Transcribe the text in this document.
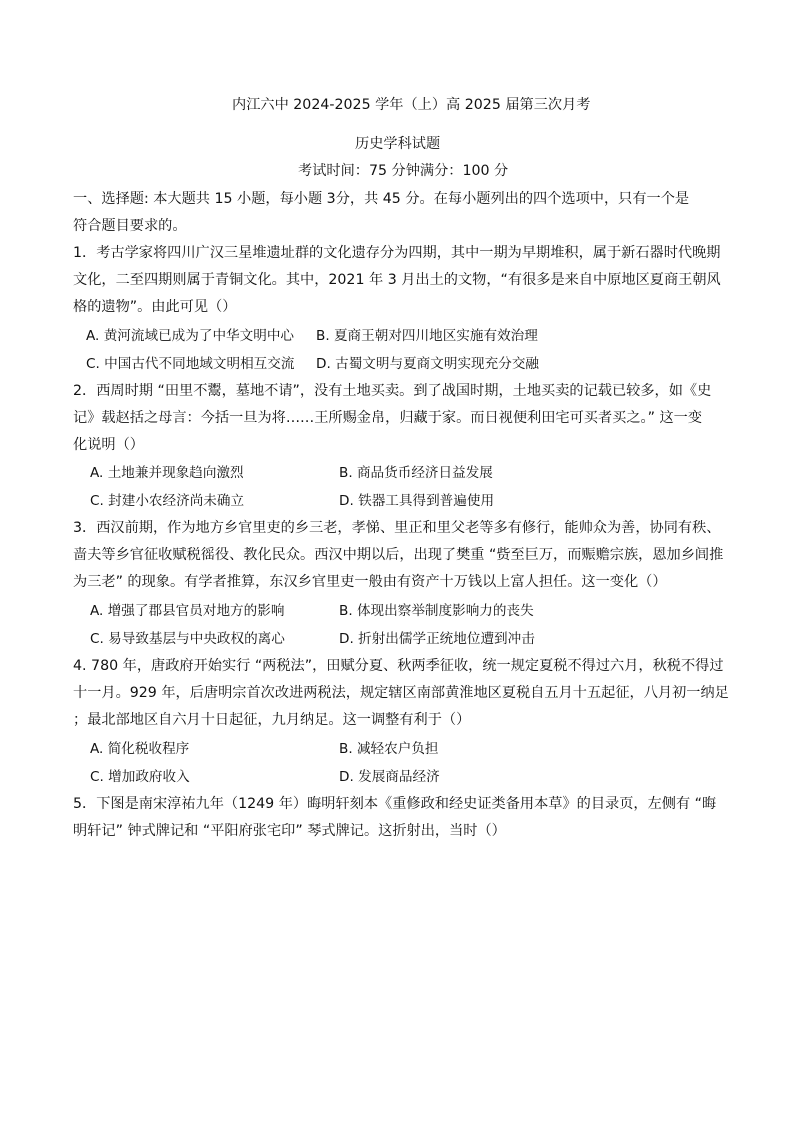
内江六中 2024-2025 学年（上）高 2025 届第三次月考
历史学科试题
考试时间：75 分钟满分：100 分
一、选择题: 本大题共 15 小题，每小题 3分，共 45 分。在每小题列出的四个选项中，只有一个是
符合题目要求的。
1．考古学家将四川广汉三星堆遗址群的文化遗存分为四期，其中一期为早期堆积，属于新石器时代晚期
文化，二至四期则属于青铜文化。其中，2021 年 3 月出土的文物，“有很多是来自中原地区夏商王朝风
格的遗物”。由此可见（）
A. 黄河流域已成为了中华文明中心 B. 夏商王朝对四川地区实施有效治理
C. 中国古代不同地域文明相互交流 D. 古蜀文明与夏商文明实现充分交融
2．西周时期 “田里不鬻，墓地不请”，没有土地买卖。到了战国时期，土地买卖的记载已较多，如《史
记》载赵括之母言：今括一旦为将……王所赐金帛，归藏于家。而日视便利田宅可买者买之。” 这一变
化说明（）
A. 土地兼并现象趋向激烈	B. 商品货币经济日益发展
C. 封建小农经济尚未确立	D. 铁器工具得到普遍使用
3．西汉前期，作为地方乡官里吏的乡三老，孝悌、里正和里父老等多有修行，能帅众为善，协同有秩、
啬夫等乡官征收赋税徭役、教化民众。西汉中期以后，出现了樊重 “赀至巨万，而赈赡宗族，恩加乡闾推
为三老” 的现象。有学者推算，东汉乡官里吏一般由有资产十万钱以上富人担任。这一变化（）
A. 增强了郡县官员对地方的影响	B. 体现出察举制度影响力的丧失
C. 易导致基层与中央政权的离心	D. 折射出儒学正统地位遭到冲击
4. 780 年，唐政府开始实行 “两税法”，田赋分夏、秋两季征收，统一规定夏税不得过六月，秋税不得过
十一月。929 年，后唐明宗首次改进两税法，规定辖区南部黄淮地区夏税自五月十五起征，八月初一纳足
；最北部地区自六月十日起征，九月纳足。这一调整有利于（）
A. 简化税收程序	B. 减轻农户负担
C. 增加政府收入	D. 发展商品经济
5．下图是南宋淳祐九年（1249 年）晦明轩刻本《重修政和经史证类备用本草》的目录页，左侧有 “晦
明轩记” 钟式牌记和 “平阳府张宅印” 琴式牌记。这折射出，当时（）
